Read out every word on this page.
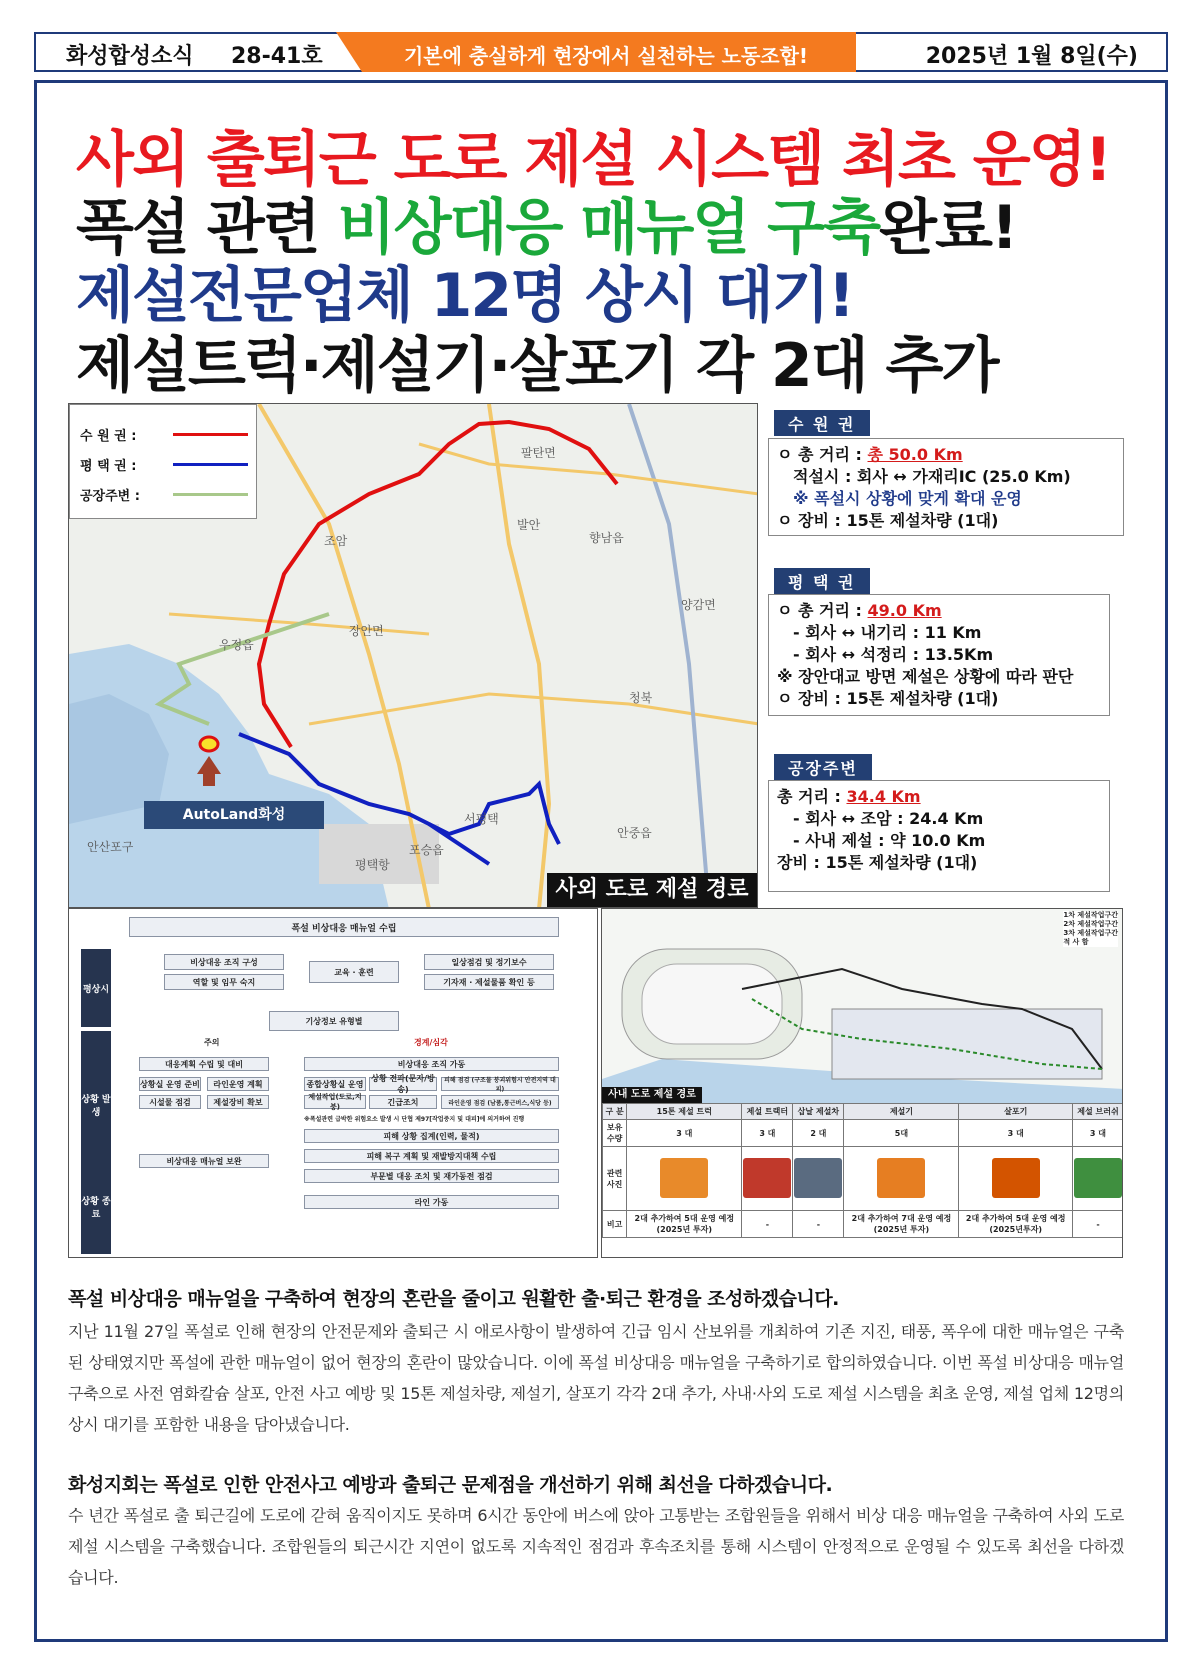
화성합성소식 28-41호	기본에 충실하게 현장에서 실천하는 노동조합!	2025년 1월 8일(수)
사외 출퇴근 도로 제설 시스템 최초 운영!
폭설 관련 비상대응 매뉴얼 구축완료!
제설전문업체 12명 상시 대기!
제설트럭·제설기·살포기 각 2대 추가
수 원 권 :
평 택 권 :
공장주변 :
우정읍
장안면
향남읍
양감면
안중읍
포승읍
서평택
안산포구
청북
발안
팔탄면
조암
평택항
AutoLand화성
사외 도로 제설 경로
수 원 권
ㅇ 총 거리 : 총 50.0 Km
적설시 : 회사 ↔ 가재리IC (25.0 Km)
※ 폭설시 상황에 맞게 확대 운영
ㅇ 장비 : 15톤 제설차량 (1대)
평 택 권
ㅇ 총 거리 : 49.0 Km
- 회사 ↔ 내기리 : 11 Km
- 회사 ↔ 석정리 : 13.5Km
※ 장안대교 방면 제설은 상황에 따라 판단
ㅇ 장비 : 15톤 제설차량 (1대)
공장주변
총 거리 : 34.4 Km
- 회사 ↔ 조암 : 24.4 Km
- 사내 제설 : 약 10.0 Km
장비 : 15톤 제설차량 (1대)
폭설 비상대응 매뉴얼 수립
평상시
상황 발생
상황 종료
비상대응 조직 구성
역할 및 임무 숙지
교육 · 훈련
일상점검 및 정기보수
기자재 · 제설물품 확인 등
기상정보 유형별
주의	경계/심각
대응계획 수립 및 대비	비상대응 조직 가동
상황실 운영 준비	라인운영 계획
시설물 점검	제설장비 확보
종합상황실 운영
상황 전파(문자/방송)
피해 점검 (구조물 붕괴위험시 안전지역 대피)
제설작업(도로,지붕)
긴급조치	라인운영 점검 (남품,통근버스,식당 등)
※폭설관련 급박한 위험요소 발생 시 단협 제97[작업중지 및 대피]에 의거하여 진행
피해 상황 집계(인력, 물적)
피해 복구 계획 및 재발방지대책 수립
비상대응 매뉴얼 보완
부문별 대응 조치 및 재가동전 점검
라인 가동
1차 제설작업구간
2차 제설작업구간
3차 제설작업구간
적 사 함
사내 도로 제설 경로
구 분	15톤 제설 트럭	제설 트랙터	삽날 제설차	제설기	살포기	제설 브러쉬
보유수량	3 대	3 대	2 대	5대	3 대	3 대
관련사진						
비고	2대 추가하여 5대 운영 예정 (2025년 투자)	-	-	2대 추가하여 7대 운영 예정 (2025년 투자)	2대 추가하여 5대 운영 예정 (2025년투자)	-
폭설 비상대응 매뉴얼을 구축하여 현장의 혼란을 줄이고 원활한 출·퇴근 환경을 조성하겠습니다.
지난 11월 27일 폭설로 인해 현장의 안전문제와 출퇴근 시 애로사항이 발생하여 긴급 임시 산보위를 개최하여 기존 지진, 태풍, 폭우에 대한 매뉴얼은 구축된 상태였지만 폭설에 관한 매뉴얼이 없어 현장의 혼란이 많았습니다. 이에 폭설 비상대응 매뉴얼을 구축하기로 합의하였습니다. 이번 폭설 비상대응 매뉴얼 구축으로 사전 염화칼슘 살포, 안전 사고 예방 및 15톤 제설차량, 제설기, 살포기 각각 2대 추가, 사내·사외 도로 제설 시스템을 최초 운영, 제설 업체 12명의 상시 대기를 포함한 내용을 담아냈습니다.
화성지회는 폭설로 인한 안전사고 예방과 출퇴근 문제점을 개선하기 위해 최선을 다하겠습니다.
수 년간 폭설로 출 퇴근길에 도로에 갇혀 움직이지도 못하며 6시간 동안에 버스에 앉아 고통받는 조합원들을 위해서 비상 대응 매뉴얼을 구축하여 사외 도로 제설 시스템을 구축했습니다. 조합원들의 퇴근시간 지연이 없도록 지속적인 점검과 후속조치를 통해 시스템이 안정적으로 운영될 수 있도록 최선을 다하겠습니다.
